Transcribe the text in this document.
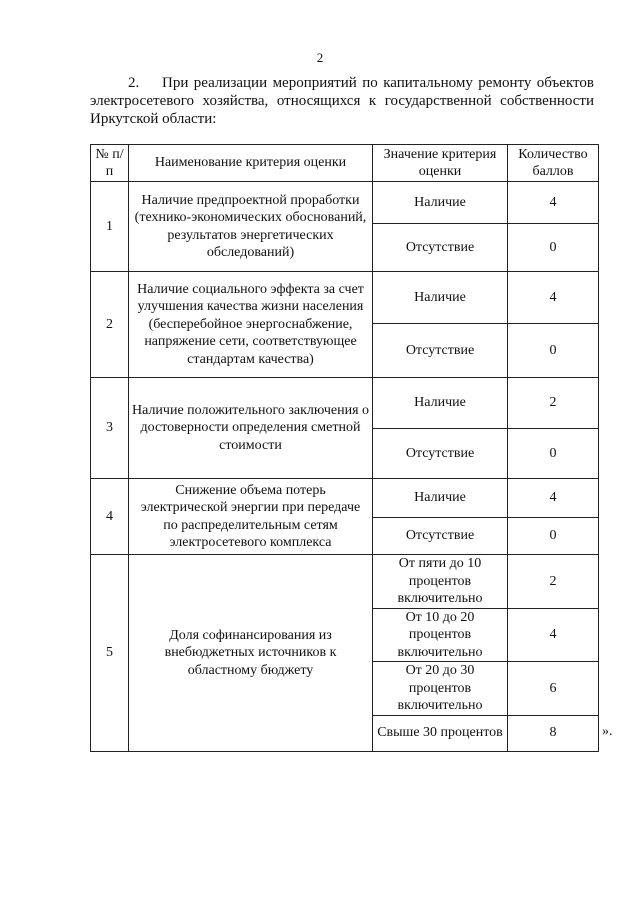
2

2. При реализации мероприятий по капитальному ремонту объектов электросетевого хозяйства, относящихся к государственной собственности Иркутской области:

№ п/п	Наименование критерия оценки	Значение критерия оценки	Количество баллов
1	Наличие предпроектной проработки (технико-экономических обоснований, результатов энергетических обследований)	Наличие	4
		Отсутствие	0
2	Наличие социального эффекта за счет улучшения качества жизни населения (бесперебойное энергоснабжение, напряжение сети, соответствующее стандартам качества)	Наличие	4
		Отсутствие	0
3	Наличие положительного заключения о достоверности определения сметной стоимости	Наличие	2
		Отсутствие	0
4	Снижение объема потерь электрической энергии при передаче по распределительным сетям электросетевого комплекса	Наличие	4
		Отсутствие	0
5	Доля софинансирования из внебюджетных источников к областному бюджету	От пяти до 10 процентов включительно	2
		От 10 до 20 процентов включительно	4
		От 20 до 30 процентов включительно	6
		Свыше 30 процентов	8	».
